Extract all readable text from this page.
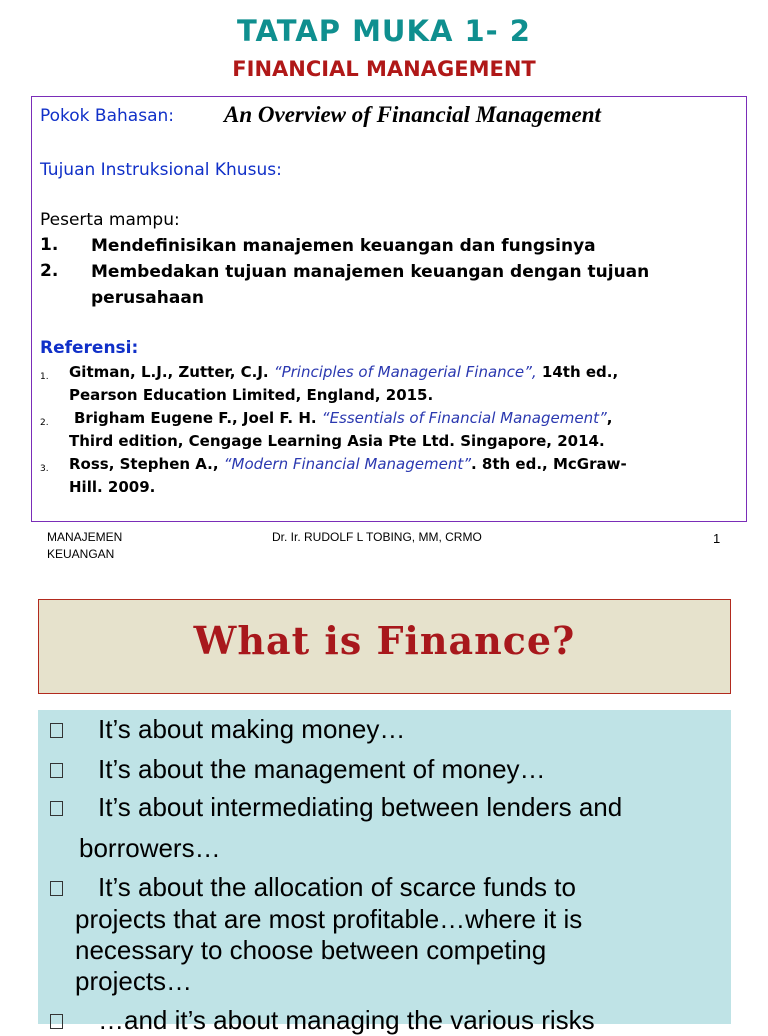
TATAP MUKA 1- 2
FINANCIAL MANAGEMENT
Pokok Bahasan: An Overview of Financial Management
Tujuan Instruksional Khusus:
Peserta mampu:
1. Mendefinisikan manajemen keuangan dan fungsinya
2. Membedakan tujuan manajemen keuangan dengan tujuan
perusahaan
Referensi:
1. Gitman, L.J., Zutter, C.J. “Principles of Managerial Finance”, 14th ed.,
Pearson Education Limited, England, 2015.
2. Brigham Eugene F., Joel F. H. “Essentials of Financial Management”,
Third edition, Cengage Learning Asia Pte Ltd. Singapore, 2014.
3. Ross, Stephen A., “Modern Financial Management”. 8th ed., McGraw-
Hill. 2009.
MANAJEMEN
KEUANGAN
Dr. Ir. RUDOLF L TOBING, MM, CRMO	1
What is Finance?
It’s about making money…
It’s about the management of money…
It’s about intermediating between lenders and
borrowers…
It’s about the allocation of scarce funds to
projects that are most profitable…where it is
necessary to choose between competing
projects…
…and it’s about managing the various risks
